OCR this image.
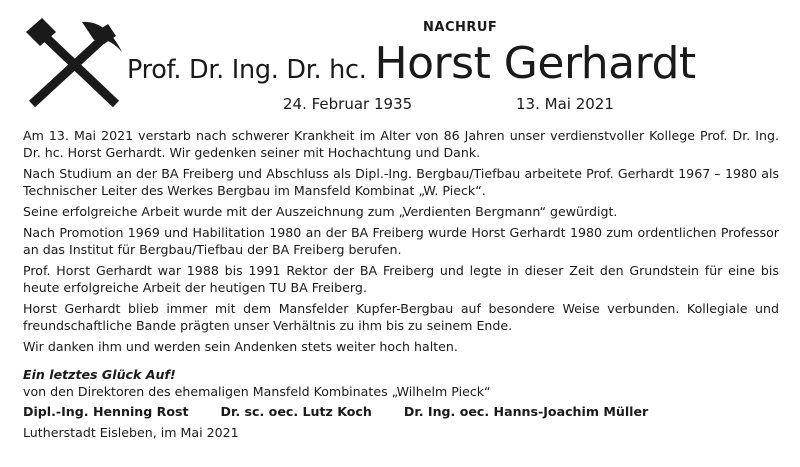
NACHRUF
Prof. Dr. Ing. Dr. hc. Horst Gerhardt
24. Februar 1935	13. Mai 2021

Am 13. Mai 2021 verstarb nach schwerer Krankheit im Alter von 86 Jahren unser verdienstvoller Kollege Prof. Dr. Ing. Dr. hc. Horst Gerhardt. Wir gedenken seiner mit Hochachtung und Dank.

Nach Studium an der BA Freiberg und Abschluss als Dipl.-Ing. Bergbau/Tiefbau arbeitete Prof. Gerhardt 1967 – 1980 als Technischer Leiter des Werkes Bergbau im Mansfeld Kombinat „W. Pieck“.

Seine erfolgreiche Arbeit wurde mit der Auszeichnung zum „Verdienten Bergmann“ gewürdigt.

Nach Promotion 1969 und Habilitation 1980 an der BA Freiberg wurde Horst Gerhardt 1980 zum ordentlichen Professor an das Institut für Bergbau/Tiefbau der BA Freiberg berufen.

Prof. Horst Gerhardt war 1988 bis 1991 Rektor der BA Freiberg und legte in dieser Zeit den Grundstein für eine bis heute erfolgreiche Arbeit der heutigen TU BA Freiberg.

Horst Gerhardt blieb immer mit dem Mansfelder Kupfer-Bergbau auf besondere Weise verbunden. Kollegiale und freundschaftliche Bande prägten unser Verhältnis zu ihm bis zu seinem Ende.

Wir danken ihm und werden sein Andenken stets weiter hoch halten.

Ein letztes Glück Auf!
von den Direktoren des ehemaligen Mansfeld Kombinates „Wilhelm Pieck“
Dipl.-Ing. Henning Rost	Dr. sc. oec. Lutz Koch	Dr. Ing. oec. Hanns-Joachim Müller
Lutherstadt Eisleben, im Mai 2021
